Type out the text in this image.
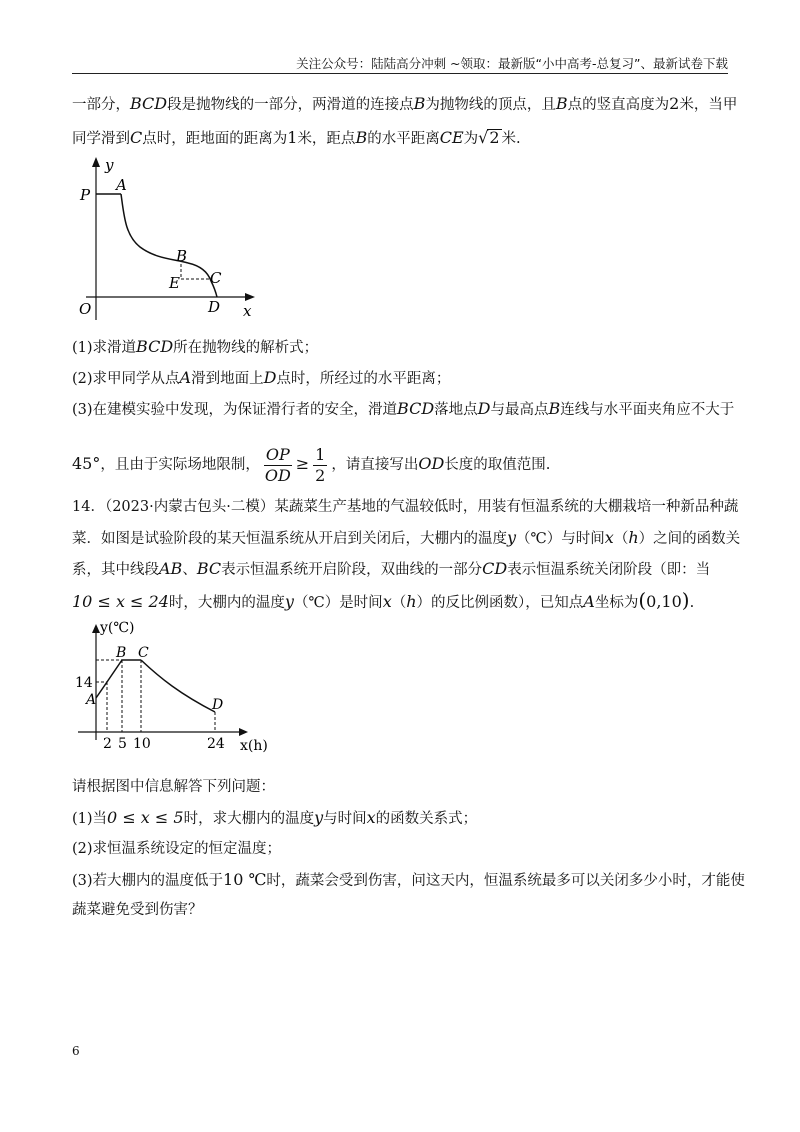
关注公众号：陆陆高分冲刺 ~领取：最新版“小中高考-总复习”、最新试卷下载
一部分，BCD段是抛物线的一部分，两滑道的连接点B为抛物线的顶点，且B点的竖直高度为2米，当甲
同学滑到C点时，距地面的距离为1米，距点B的水平距离CE为√2 米.
y
P
A
B
C
E
D
O	x
(1)求滑道BCD所在抛物线的解析式；
(2)求甲同学从点A滑到地面上D点时，所经过的水平距离；
(3)在建模实验中发现，为保证滑行者的安全，滑道BCD落地点D与最高点B连线与水平面夹角应不大于
45°，且由于实际场地限制， $\frac{OP}{OD} \ge \frac{1}{2}$ ，请直接写出OD长度的取值范围.
14．（2023·内蒙古包头·二模）某蔬菜生产基地的气温较低时，用装有恒温系统的大棚栽培一种新品种蔬
菜．如图是试验阶段的某天恒温系统从开启到关闭后，大棚内的温度y（℃）与时间x（h）之间的函数关
系，其中线段AB、BC表示恒温系统开启阶段，双曲线的一部分CD表示恒温系统关闭阶段（即：当
10 ≤ x ≤ 24时，大棚内的温度y（℃）是时间x（h）的反比例函数），已知点A坐标为(0,10).
y(℃)
B C
D
A
14
2 5 10	24 x(h)
请根据图中信息解答下列问题：
(1)当0 ≤ x ≤ 5时，求大棚内的温度y与时间x的函数关系式；
(2)求恒温系统设定的恒定温度；
(3)若大棚内的温度低于10 ℃时，蔬菜会受到伤害，问这天内，恒温系统最多可以关闭多少小时，才能使
蔬菜避免受到伤害？
6
